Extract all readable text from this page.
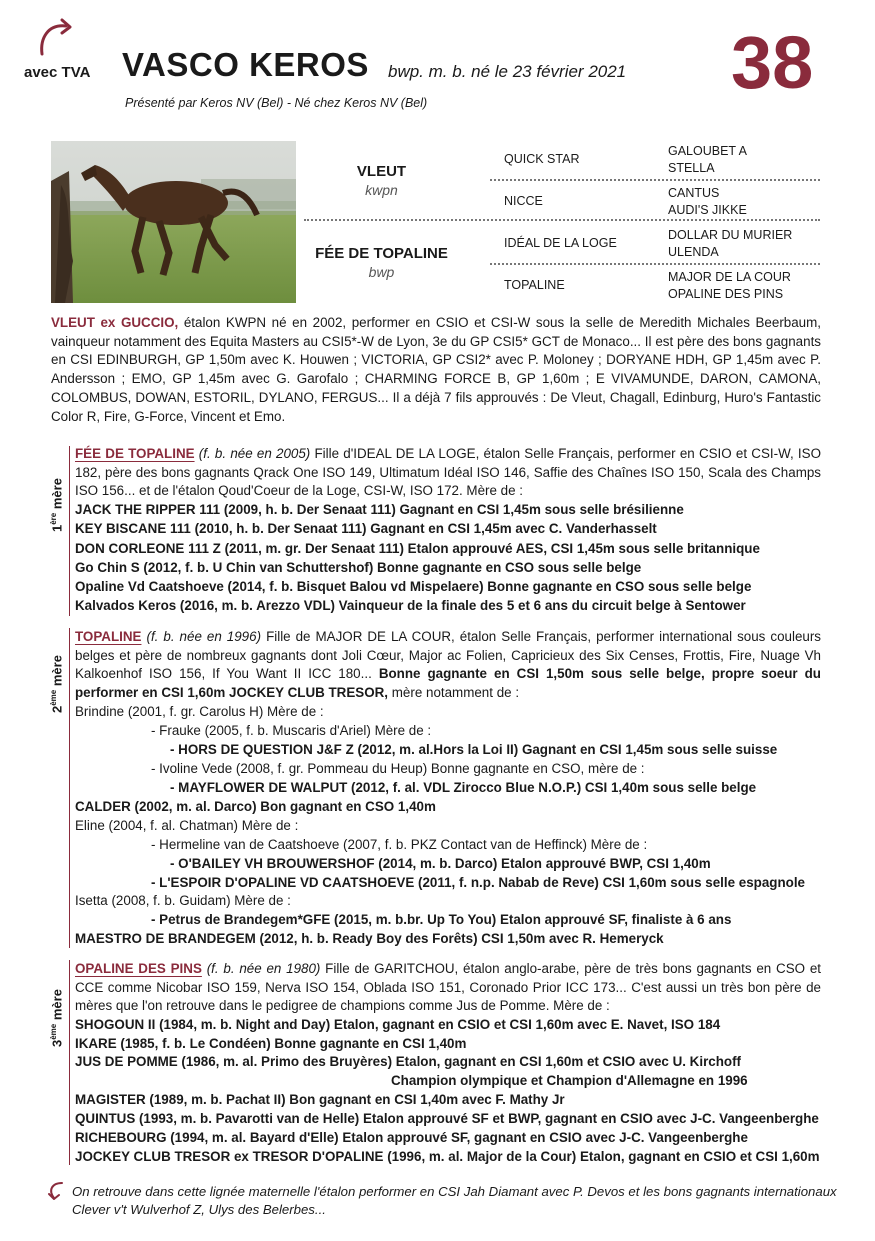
avec TVA VASCO KEROS bwp. m. b. né le 23 février 2021
Présenté par Keros NV (Bel) - Né chez Keros NV (Bel)	38
VLEUT
kwpn
FÉE DE TOPALINE
bwp
QUICK STAR
NICCE
IDÉAL DE LA LOGE
TOPALINE
GALOUBET A
STELLA
CANTUS
AUDI'S JIKKE
DOLLAR DU MURIER
ULENDA
MAJOR DE LA COUR
OPALINE DES PINS
VLEUT ex GUCCIO, étalon KWPN né en 2002, performer en CSIO et CSI-W sous la selle de Meredith Michales Beerbaum, vainqueur notamment des Equita Masters au CSI5*-W de Lyon, 3e du GP CSI5* GCT de Monaco... Il est père des bons gagnants en CSI EDINBURGH, GP 1,50m avec K. Houwen ; VICTORIA, GP CSI2* avec P. Moloney ; DORYANE HDH, GP 1,45m avec P. Andersson ; EMO, GP 1,45m avec G. Garofalo ; CHARMING FORCE B, GP 1,60m ; E VIVAMUNDE, DARON, CAMONA, COLOMBUS, DOWAN, ESTORIL, DYLANO, FERGUS... Il a déjà 7 fils approuvés : De Vleut, Chagall, Edinburg, Huro's Fantastic Color R, Fire, G-Force, Vincent et Emo.
1ère mère
FÉE DE TOPALINE (f. b. née en 2005) Fille d'IDEAL DE LA LOGE, étalon Selle Français, performer en CSIO et CSI-W, ISO 182, père des bons gagnants Qrack One ISO 149, Ultimatum Idéal ISO 146, Saffie des Chaînes ISO 150, Scala des Champs ISO 156... et de l'étalon Qoud'Coeur de la Loge, CSI-W, ISO 172. Mère de :
JACK THE RIPPER 111 (2009, h. b. Der Senaat 111) Gagnant en CSI 1,45m sous selle brésilienne
KEY BISCANE 111 (2010, h. b. Der Senaat 111) Gagnant en CSI 1,45m avec C. Vanderhasselt
DON CORLEONE 111 Z (2011, m. gr. Der Senaat 111) Etalon approuvé AES, CSI 1,45m sous selle britannique
Go Chin S (2012, f. b. U Chin van Schuttershof) Bonne gagnante en CSO sous selle belge
Opaline Vd Caatshoeve (2014, f. b. Bisquet Balou vd Mispelaere) Bonne gagnante en CSO sous selle belge
Kalvados Keros (2016, m. b. Arezzo VDL) Vainqueur de la finale des 5 et 6 ans du circuit belge à Sentower
2ème mère
TOPALINE (f. b. née en 1996) Fille de MAJOR DE LA COUR, étalon Selle Français, performer international sous couleurs belges et père de nombreux gagnants dont Joli Cœur, Major ac Folien, Capricieux des Six Censes, Frottis, Fire, Nuage Vh Kalkoenhof ISO 156, If You Want II ICC 180... Bonne gagnante en CSI 1,50m sous selle belge, propre soeur du performer en CSI 1,60m JOCKEY CLUB TRESOR, mère notamment de :
Brindine (2001, f. gr. Carolus H) Mère de :
- Frauke (2005, f. b. Muscaris d'Ariel) Mère de :
- HORS DE QUESTION J&F Z (2012, m. al.Hors la Loi II) Gagnant en CSI 1,45m sous selle suisse
- Ivoline Vede (2008, f. gr. Pommeau du Heup) Bonne gagnante en CSO, mère de :
- MAYFLOWER DE WALPUT (2012, f. al. VDL Zirocco Blue N.O.P.) CSI 1,40m sous selle belge
CALDER (2002, m. al. Darco) Bon gagnant en CSO 1,40m
Eline (2004, f. al. Chatman) Mère de :
- Hermeline van de Caatshoeve (2007, f. b. PKZ Contact van de Heffinck) Mère de :
- O'BAILEY VH BROUWERSHOF (2014, m. b. Darco) Etalon approuvé BWP, CSI 1,40m
- L'ESPOIR D'OPALINE VD CAATSHOEVE (2011, f. n.p. Nabab de Reve) CSI 1,60m sous selle espagnole
Isetta (2008, f. b. Guidam) Mère de :
- Petrus de Brandegem*GFE (2015, m. b.br. Up To You) Etalon approuvé SF, finaliste à 6 ans
MAESTRO DE BRANDEGEM (2012, h. b. Ready Boy des Forêts) CSI 1,50m avec R. Hemeryck
3ème mère
OPALINE DES PINS (f. b. née en 1980) Fille de GARITCHOU, étalon anglo-arabe, père de très bons gagnants en CSO et CCE comme Nicobar ISO 159, Nerva ISO 154, Oblada ISO 151, Coronado Prior ICC 173... C'est aussi un très bon père de mères que l'on retrouve dans le pedigree de champions comme Jus de Pomme. Mère de :
SHOGOUN II (1984, m. b. Night and Day) Etalon, gagnant en CSIO et CSI 1,60m avec E. Navet, ISO 184
IKARE (1985, f. b. Le Condéen) Bonne gagnante en CSI 1,40m
JUS DE POMME (1986, m. al. Primo des Bruyères) Etalon, gagnant en CSI 1,60m et CSIO avec U. Kirchoff
Champion olympique et Champion d'Allemagne en 1996
MAGISTER (1989, m. b. Pachat II) Bon gagnant en CSI 1,40m avec F. Mathy Jr
QUINTUS (1993, m. b. Pavarotti van de Helle) Etalon approuvé SF et BWP, gagnant en CSIO avec J-C. Vangeenberghe
RICHEBOURG (1994, m. al. Bayard d'Elle) Etalon approuvé SF, gagnant en CSIO avec J-C. Vangeenberghe
JOCKEY CLUB TRESOR ex TRESOR D'OPALINE (1996, m. al. Major de la Cour) Etalon, gagnant en CSIO et CSI 1,60m
On retrouve dans cette lignée maternelle l'étalon performer en CSI Jah Diamant avec P. Devos et les bons gagnants internationaux Clever v't Wulverhof Z, Ulys des Belerbes...
